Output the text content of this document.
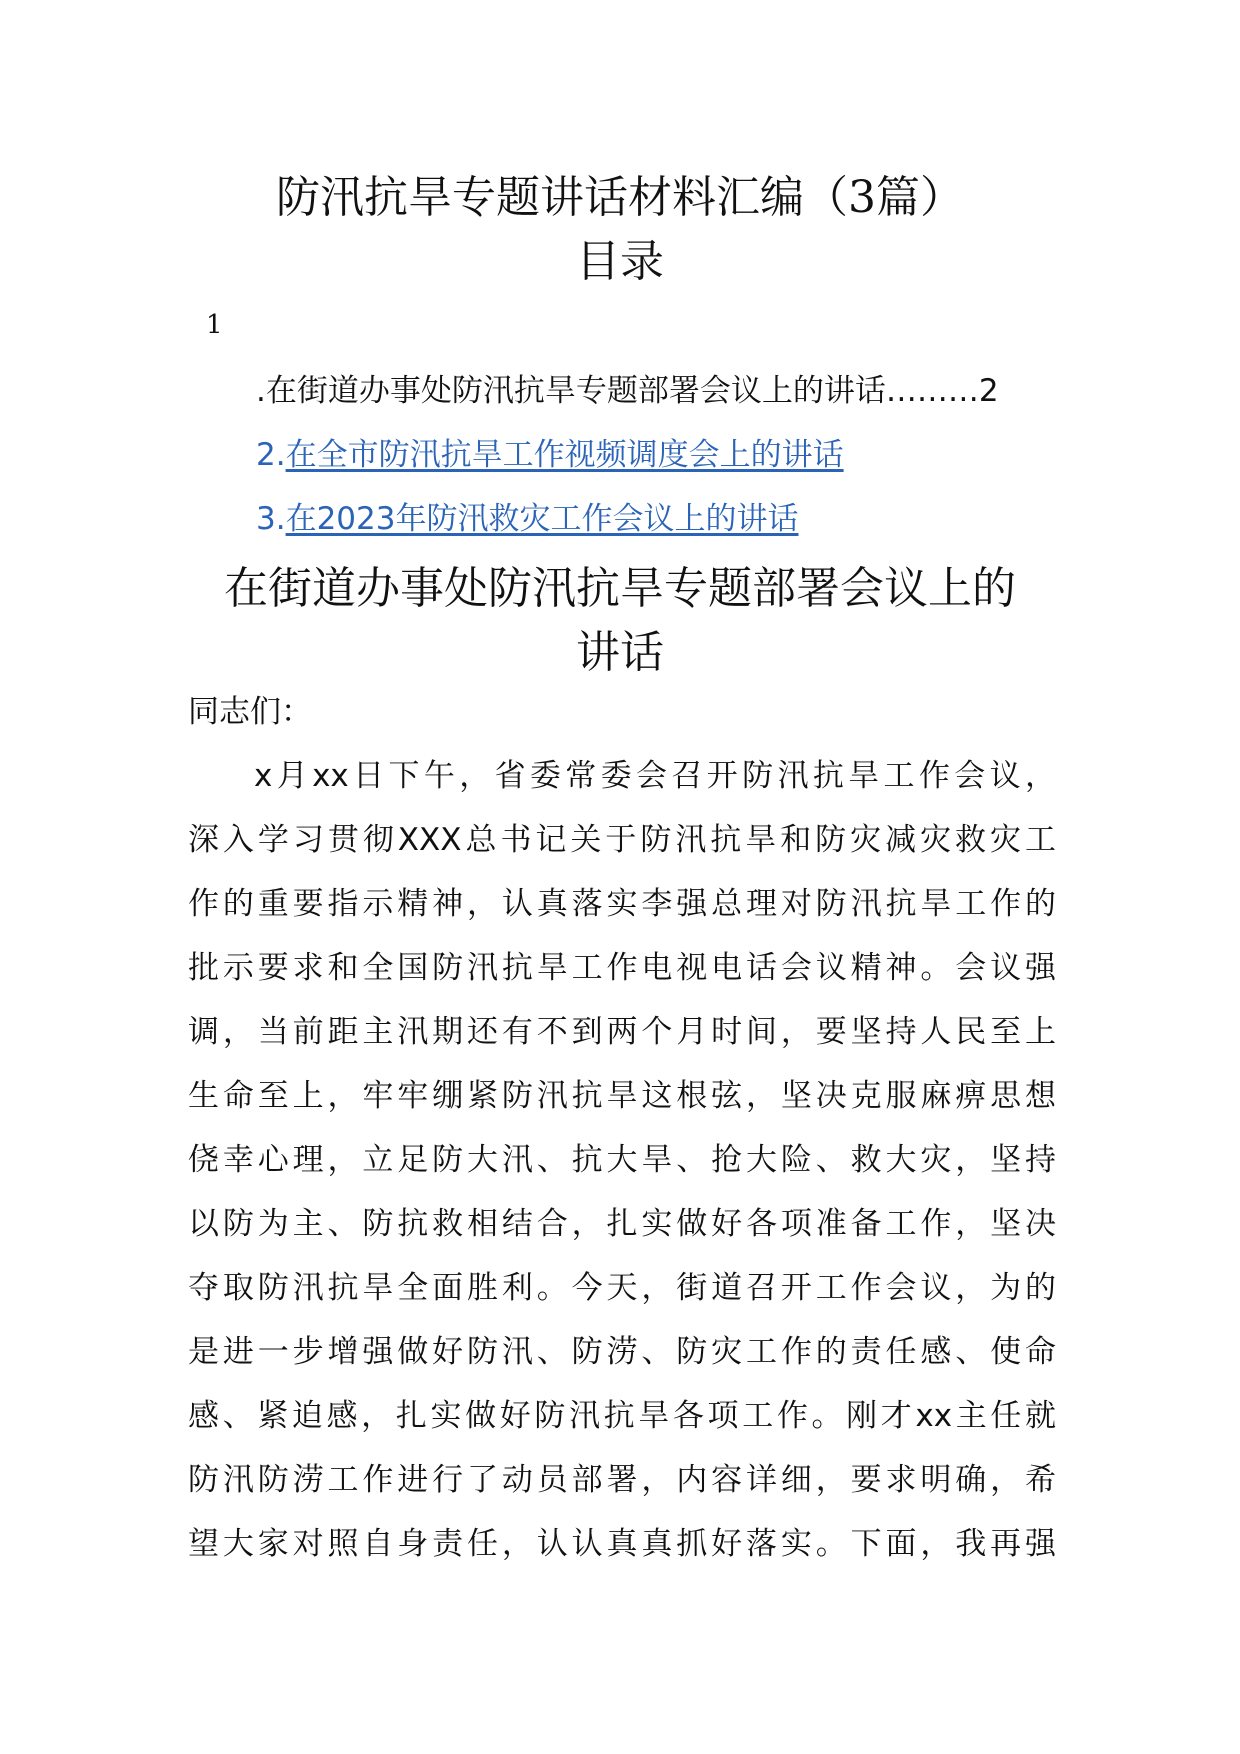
防汛抗旱专题讲话材料汇编（3篇）
目录
1
.在街道办事处防汛抗旱专题部署会议上的讲话………2
2.在全市防汛抗旱工作视频调度会上的讲话
3.在2023年防汛救灾工作会议上的讲话
在街道办事处防汛抗旱专题部署会议上的
讲话
同志们：
x月xx日下午，省委常委会召开防汛抗旱工作会议，
深入学习贯彻XXX总书记关于防汛抗旱和防灾减灾救灾工
作的重要指示精神，认真落实李强总理对防汛抗旱工作的
批示要求和全国防汛抗旱工作电视电话会议精神。会议强
调，当前距主汛期还有不到两个月时间，要坚持人民至上
生命至上，牢牢绷紧防汛抗旱这根弦，坚决克服麻痹思想
侥幸心理，立足防大汛、抗大旱、抢大险、救大灾，坚持
以防为主、防抗救相结合，扎实做好各项准备工作，坚决
夺取防汛抗旱全面胜利。今天，街道召开工作会议，为的
是进一步增强做好防汛、防涝、防灾工作的责任感、使命
感、紧迫感，扎实做好防汛抗旱各项工作。刚才xx主任就
防汛防涝工作进行了动员部署，内容详细，要求明确，希
望大家对照自身责任，认认真真抓好落实。下面，我再强
